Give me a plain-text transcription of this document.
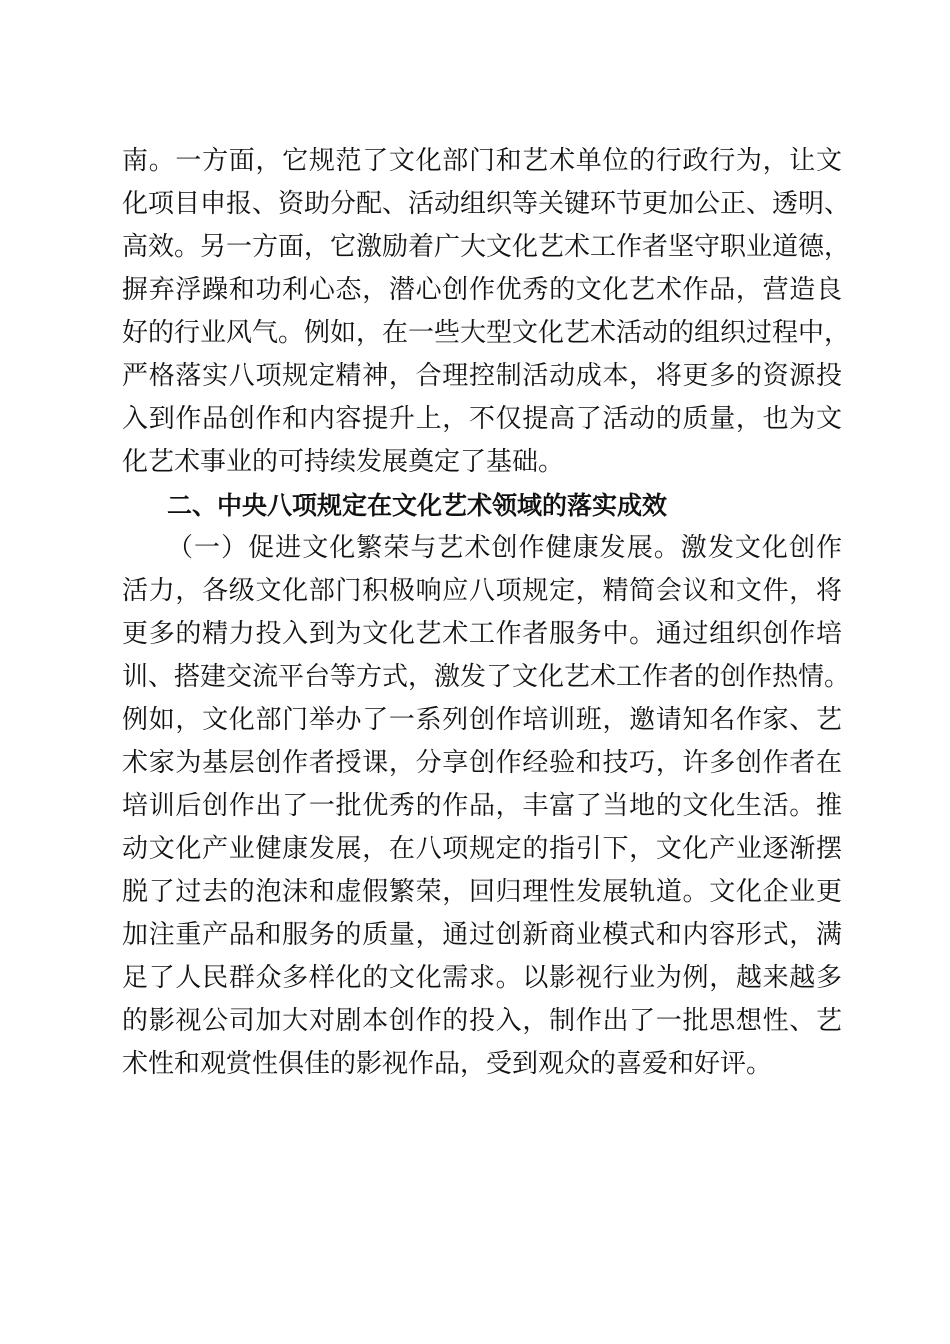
南。一方面，它规范了文化部门和艺术单位的行政行为，让文
化项目申报、资助分配、活动组织等关键环节更加公正、透明、
高效。另一方面，它激励着广大文化艺术工作者坚守职业道德，
摒弃浮躁和功利心态，潜心创作优秀的文化艺术作品，营造良
好的行业风气。例如，在一些大型文化艺术活动的组织过程中，
严格落实八项规定精神，合理控制活动成本，将更多的资源投
入到作品创作和内容提升上，不仅提高了活动的质量，也为文
化艺术事业的可持续发展奠定了基础。
二、中央八项规定在文化艺术领域的落实成效
（一）促进文化繁荣与艺术创作健康发展。激发文化创作
活力，各级文化部门积极响应八项规定，精简会议和文件，将
更多的精力投入到为文化艺术工作者服务中。通过组织创作培
训、搭建交流平台等方式，激发了文化艺术工作者的创作热情。
例如，文化部门举办了一系列创作培训班，邀请知名作家、艺
术家为基层创作者授课，分享创作经验和技巧，许多创作者在
培训后创作出了一批优秀的作品，丰富了当地的文化生活。推
动文化产业健康发展，在八项规定的指引下，文化产业逐渐摆
脱了过去的泡沫和虚假繁荣，回归理性发展轨道。文化企业更
加注重产品和服务的质量，通过创新商业模式和内容形式，满
足了人民群众多样化的文化需求。以影视行业为例，越来越多
的影视公司加大对剧本创作的投入，制作出了一批思想性、艺
术性和观赏性俱佳的影视作品，受到观众的喜爱和好评。
